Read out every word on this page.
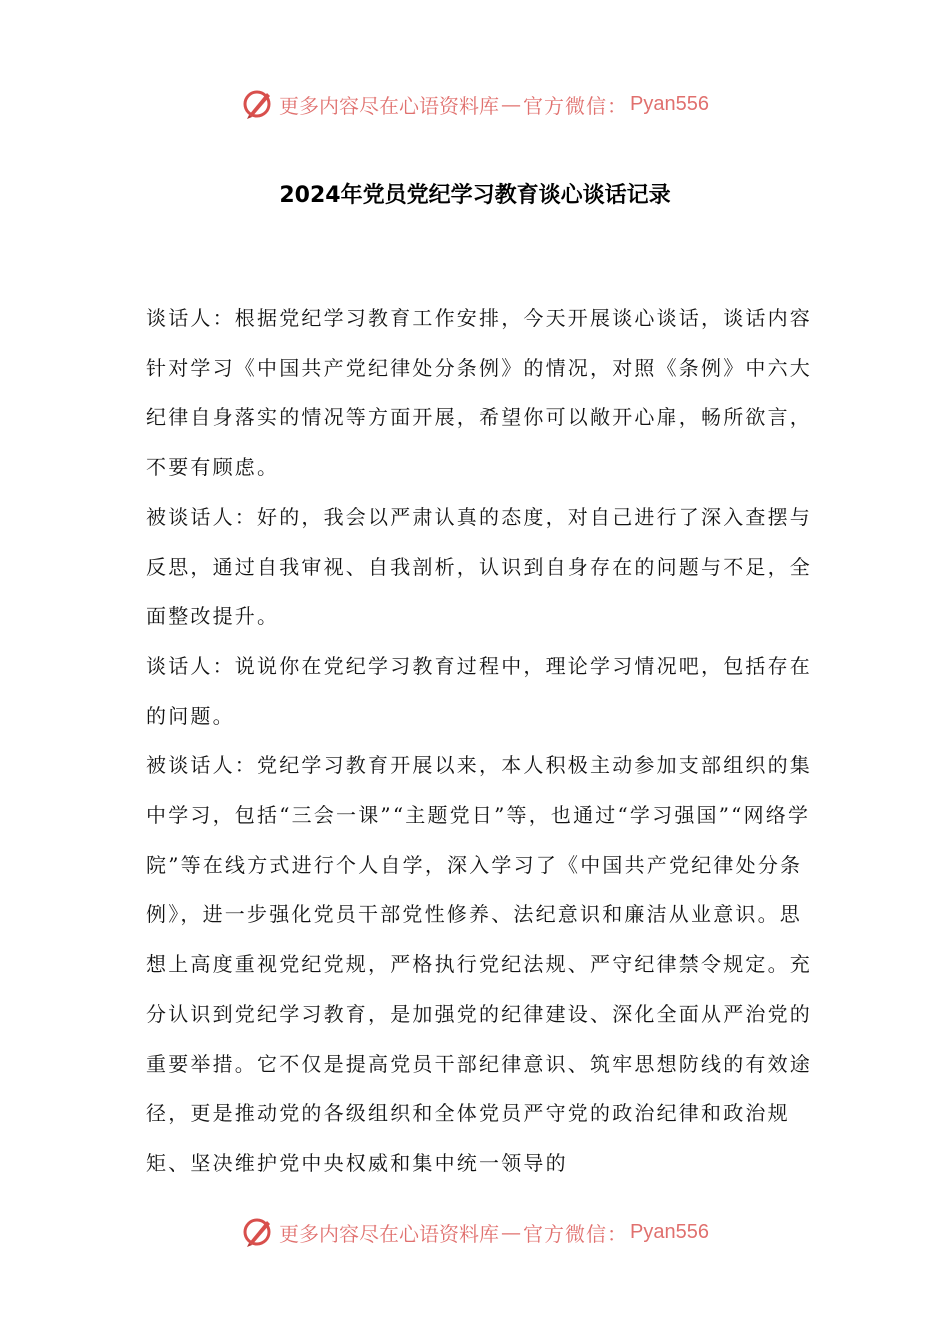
更多内容尽在心语资料库 — 官方微信： Pyan556
2024年党员党纪学习教育谈心谈话记录

谈话人：根据党纪学习教育工作安排，今天开展谈心谈话，谈话内容针对学习《中国共产党纪律处分条例》的情况，对照《条例》中六大纪律自身落实的情况等方面开展，希望你可以敞开心扉，畅所欲言，不要有顾虑。

被谈话人：好的，我会以严肃认真的态度，对自己进行了深入查摆与反思，通过自我审视、自我剖析，认识到自身存在的问题与不足，全面整改提升。

谈话人：说说你在党纪学习教育过程中，理论学习情况吧，包括存在的问题。

被谈话人：党纪学习教育开展以来，本人积极主动参加支部组织的集中学习，包括“三会一课”“主题党日”等，也通过“学习强国”“网络学院”等在线方式进行个人自学，深入学习了《中国共产党纪律处分条例》，进一步强化党员干部党性修养、法纪意识和廉洁从业意识。思想上高度重视党纪党规，严格执行党纪法规、严守纪律禁令规定。充分认识到党纪学习教育，是加强党的纪律建设、深化全面从严治党的重要举措。它不仅是提高党员干部纪律意识、筑牢思想防线的有效途径，更是推动党的各级组织和全体党员严守党的政治纪律和政治规矩、坚决维护党中央权威和集中统一领导的

更多内容尽在心语资料库 — 官方微信： Pyan556
